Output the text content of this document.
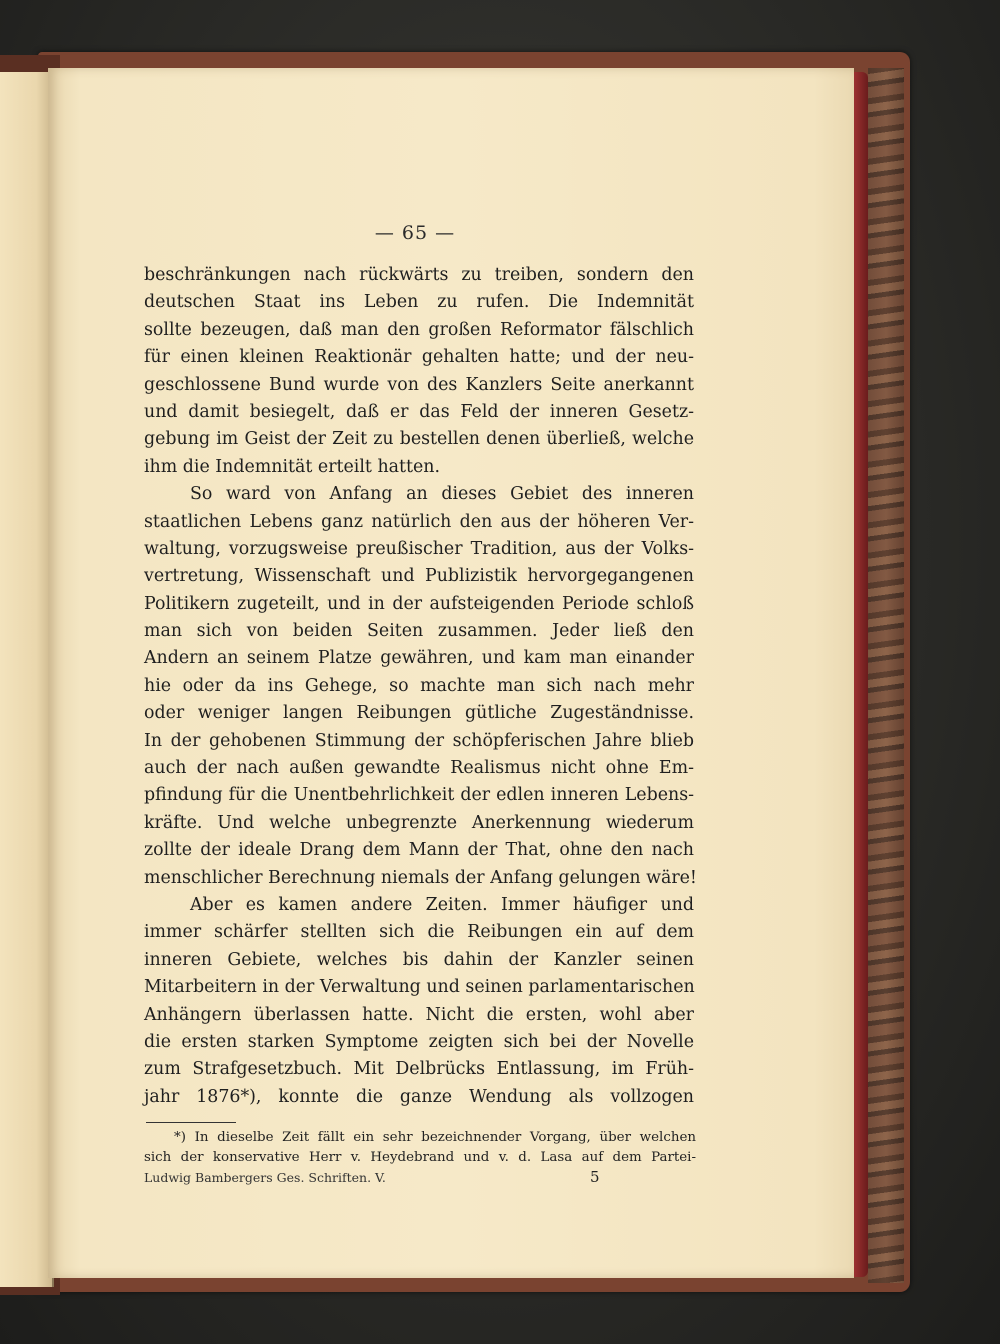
— 65 —
beschränkungen nach rückwärts zu treiben, sondern den
deutschen Staat ins Leben zu rufen. Die Indemnität
sollte bezeugen, daß man den großen Reformator fälschlich
für einen kleinen Reaktionär gehalten hatte; und der neu-
geschlossene Bund wurde von des Kanzlers Seite anerkannt
und damit besiegelt, daß er das Feld der inneren Gesetz-
gebung im Geist der Zeit zu bestellen denen überließ, welche
ihm die Indemnität erteilt hatten.
So ward von Anfang an dieses Gebiet des inneren
staatlichen Lebens ganz natürlich den aus der höheren Ver-
waltung, vorzugsweise preußischer Tradition, aus der Volks-
vertretung, Wissenschaft und Publizistik hervorgegangenen
Politikern zugeteilt, und in der aufsteigenden Periode schloß
man sich von beiden Seiten zusammen. Jeder ließ den
Andern an seinem Platze gewähren, und kam man einander
hie oder da ins Gehege, so machte man sich nach mehr
oder weniger langen Reibungen gütliche Zugeständnisse.
In der gehobenen Stimmung der schöpferischen Jahre blieb
auch der nach außen gewandte Realismus nicht ohne Em-
pfindung für die Unentbehrlichkeit der edlen inneren Lebens-
kräfte. Und welche unbegrenzte Anerkennung wiederum
zollte der ideale Drang dem Mann der That, ohne den nach
menschlicher Berechnung niemals der Anfang gelungen wäre!
Aber es kamen andere Zeiten. Immer häufiger und
immer schärfer stellten sich die Reibungen ein auf dem
inneren Gebiete, welches bis dahin der Kanzler seinen
Mitarbeitern in der Verwaltung und seinen parlamentarischen
Anhängern überlassen hatte. Nicht die ersten, wohl aber
die ersten starken Symptome zeigten sich bei der Novelle
zum Strafgesetzbuch. Mit Delbrücks Entlassung, im Früh-
jahr 1876*), konnte die ganze Wendung als vollzogen
*) In dieselbe Zeit fällt ein sehr bezeichnender Vorgang, über welchen
sich der konservative Herr v. Heydebrand und v. d. Lasa auf dem Partei-
Ludwig Bambergers Ges. Schriften. V.	5
